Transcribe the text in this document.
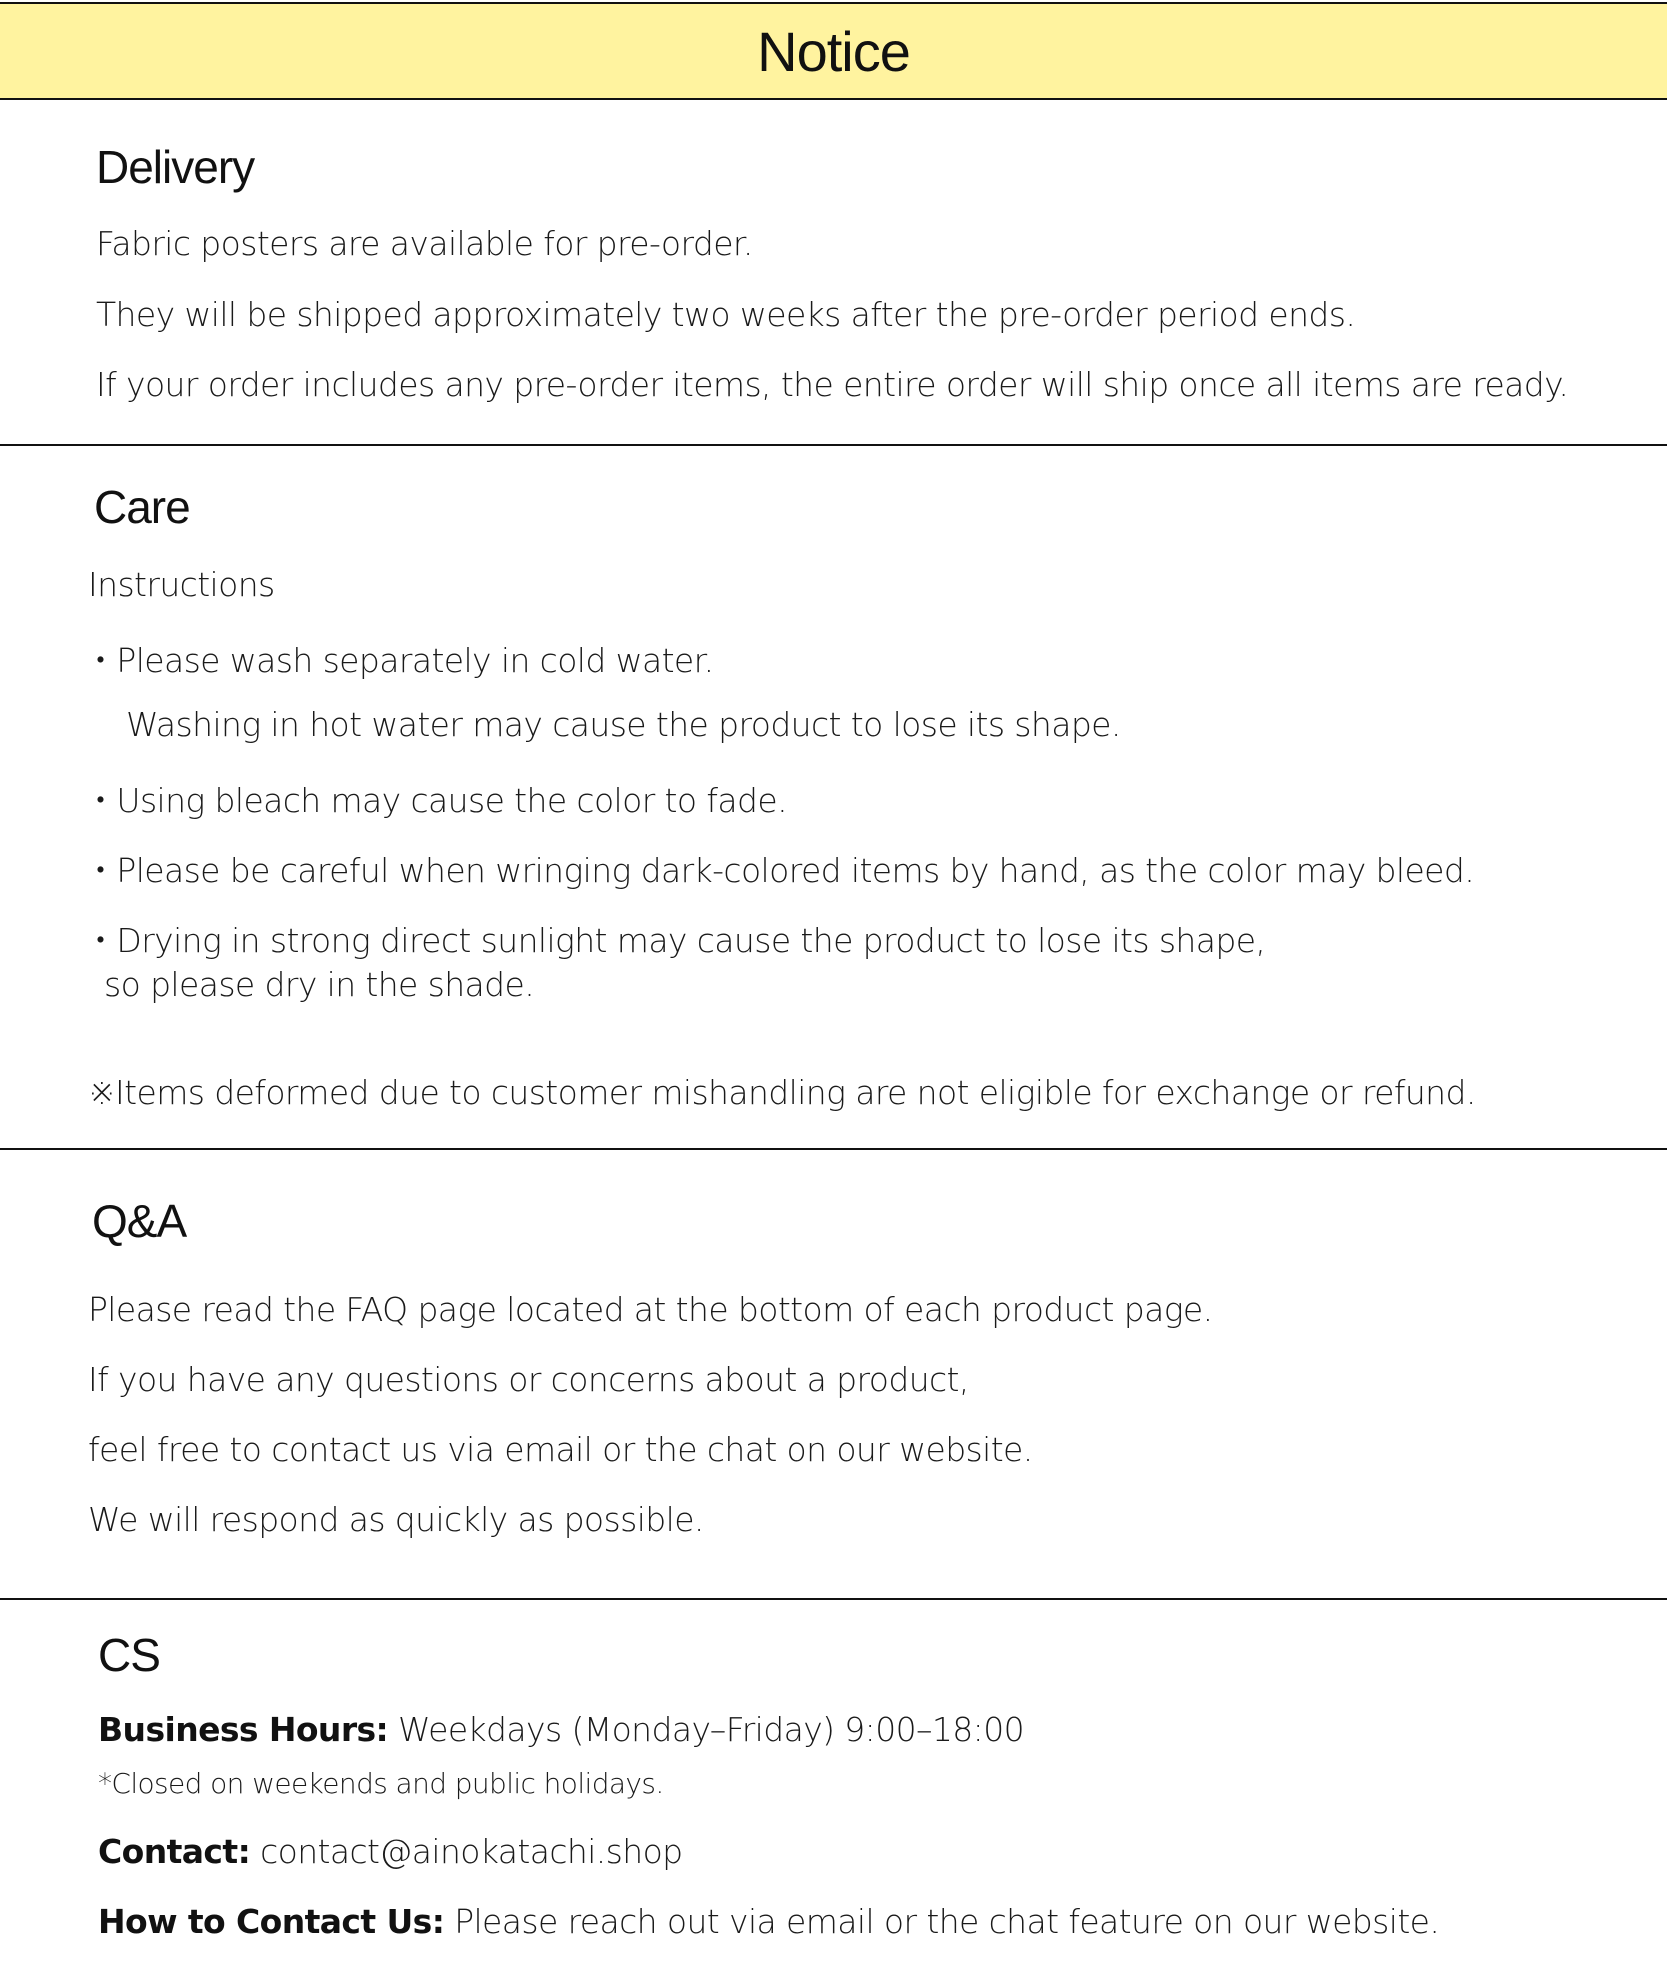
Notice
Delivery
Fabric posters are available for pre-order.
They will be shipped approximately two weeks after the pre-order period ends.
If your order includes any pre-order items, the entire order will ship once all items are ready.
Care
Instructions
・Please wash separately in cold water.
Washing in hot water may cause the product to lose its shape.
・Using bleach may cause the color to fade.
・Please be careful when wringing dark-colored items by hand, as the color may bleed.
・Drying in strong direct sunlight may cause the product to lose its shape,
so please dry in the shade.
※Items deformed due to customer mishandling are not eligible for exchange or refund.
Q&A
Please read the FAQ page located at the bottom of each product page.
If you have any questions or concerns about a product,
feel free to contact us via email or the chat on our website.
We will respond as quickly as possible.
CS
Business Hours: Weekdays (Monday–Friday) 9:00–18:00
*Closed on weekends and public holidays.
Contact: contact@ainokatachi.shop
How to Contact Us: Please reach out via email or the chat feature on our website.
